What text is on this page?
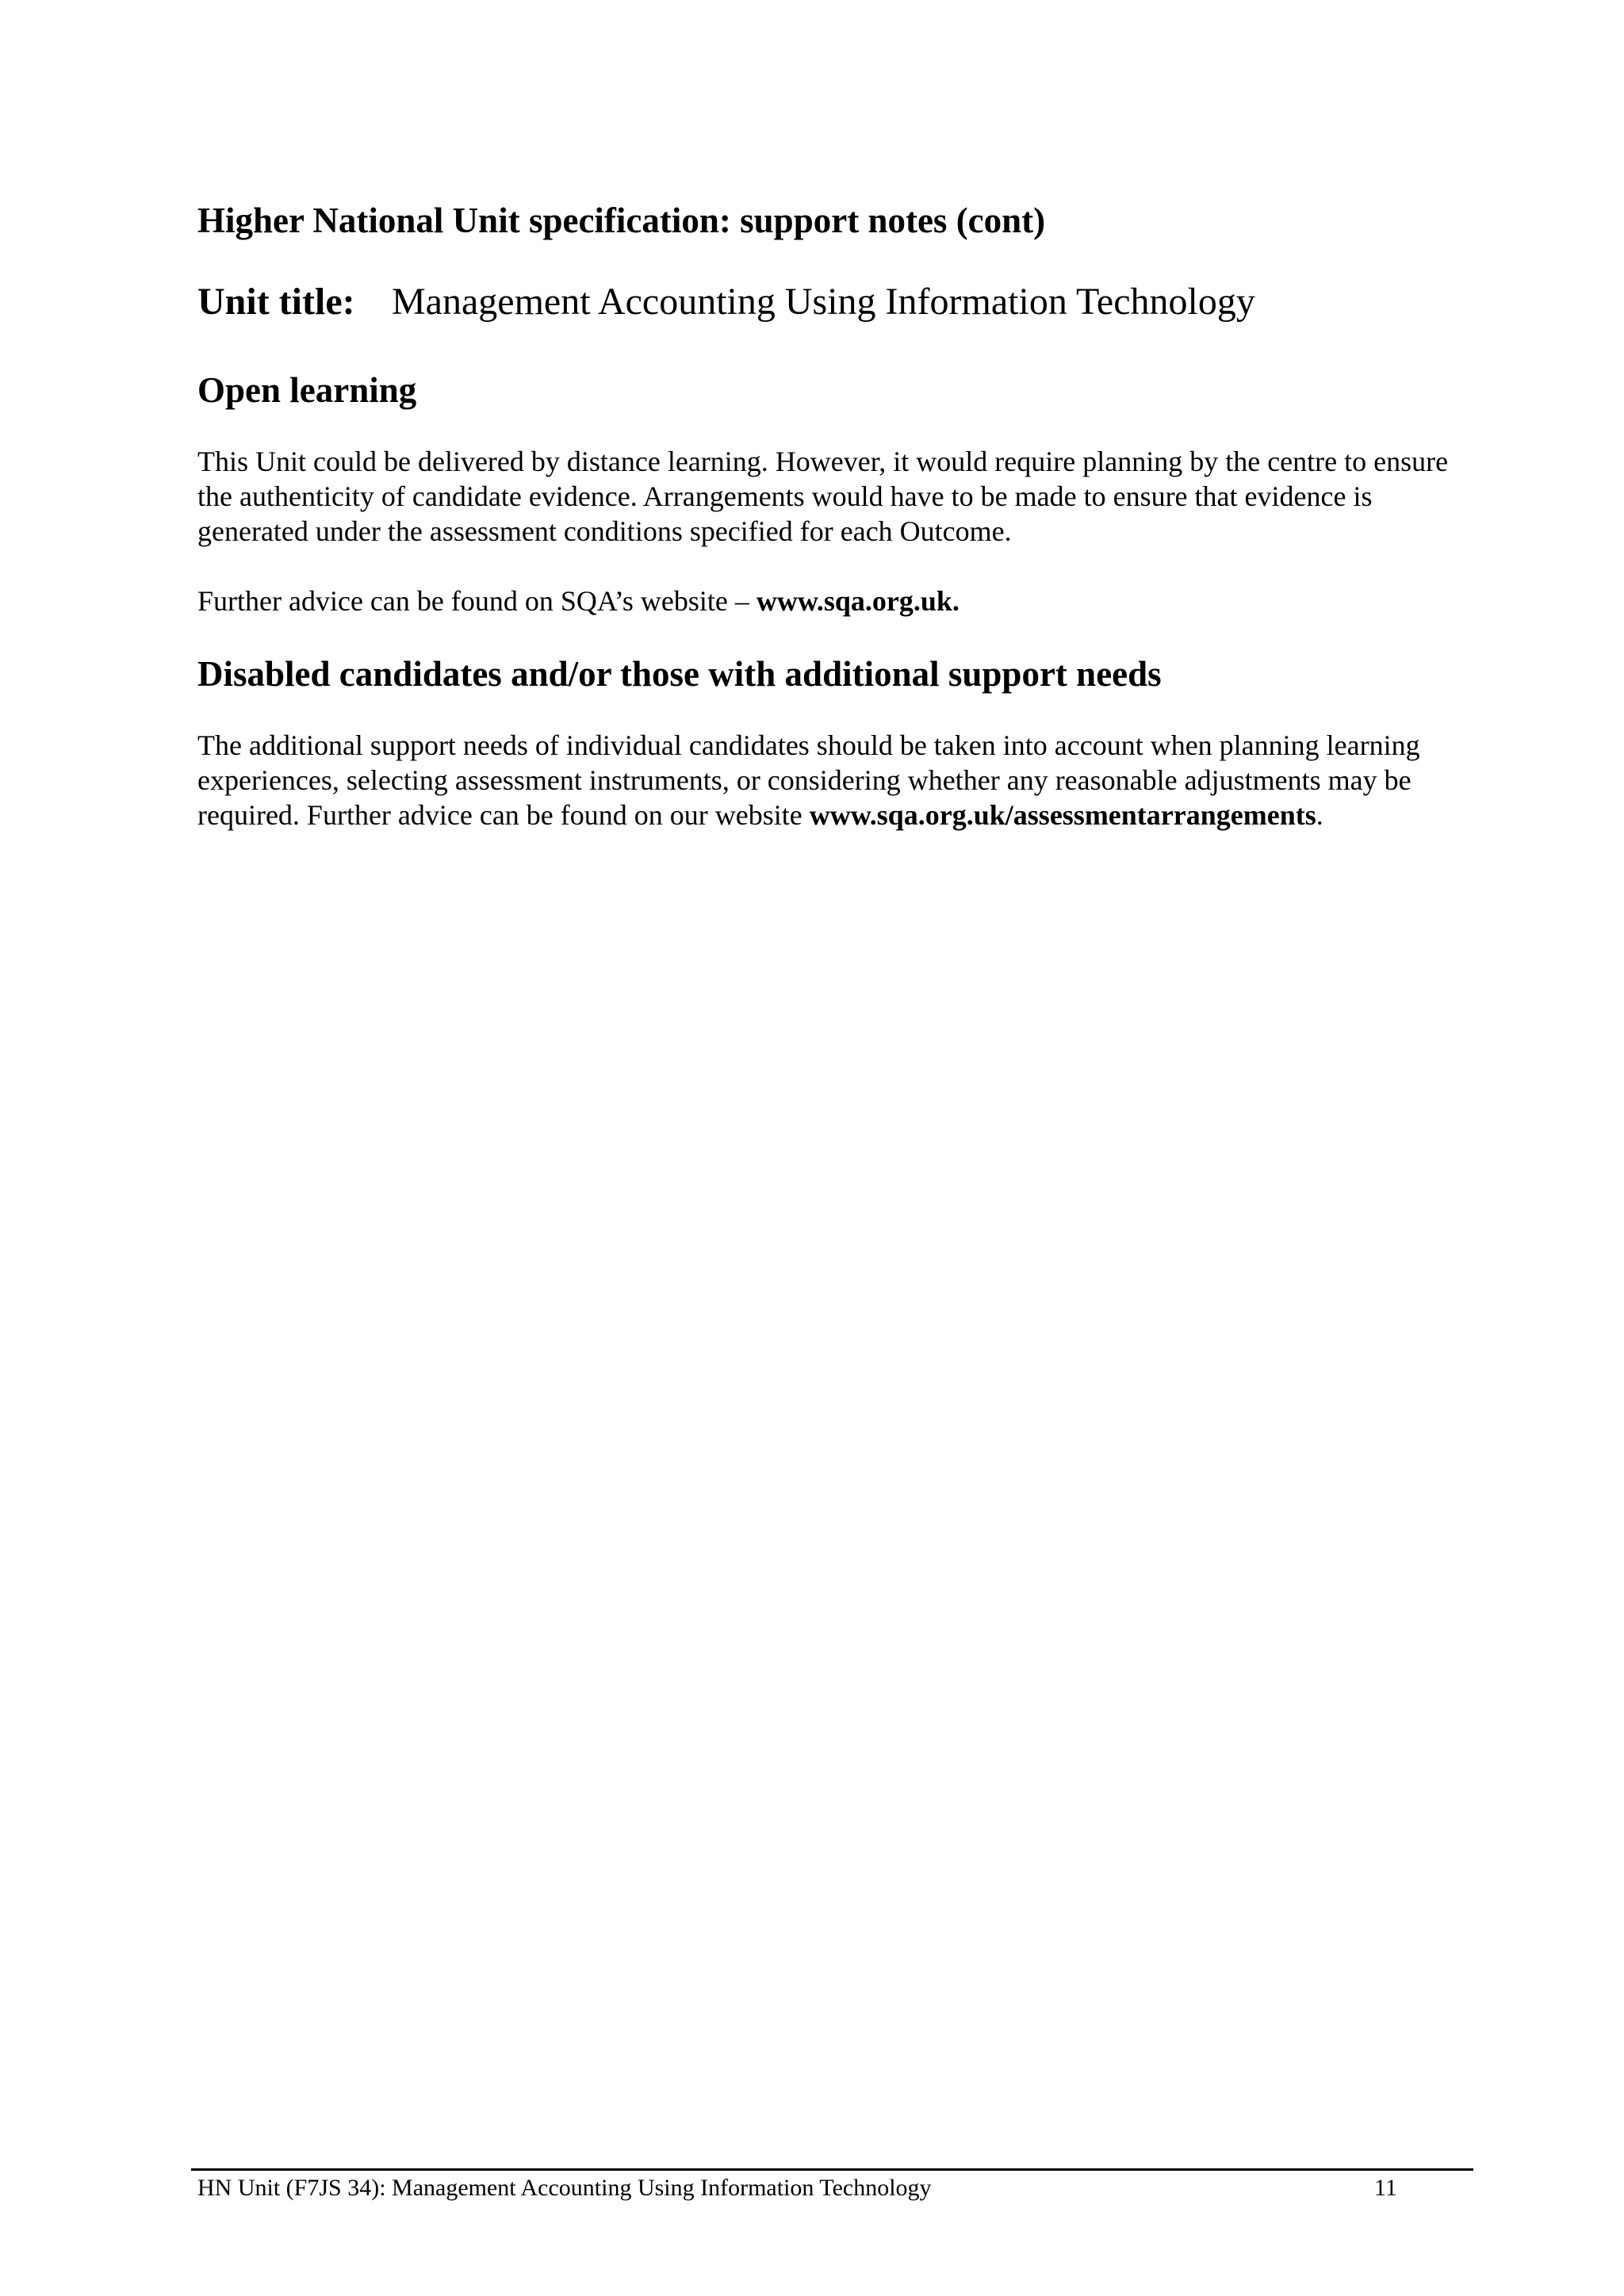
Higher National Unit specification: support notes (cont)
Unit title: Management Accounting Using Information Technology
Open learning

This Unit could be delivered by distance learning. However, it would require planning by the centre to ensure the authenticity of candidate evidence. Arrangements would have to be made to ensure that evidence is generated under the assessment conditions specified for each Outcome.

Further advice can be found on SQA’s website – www.sqa.org.uk.

Disabled candidates and/or those with additional support needs

The additional support needs of individual candidates should be taken into account when planning learning experiences, selecting assessment instruments, or considering whether any reasonable adjustments may be required. Further advice can be found on our website www.sqa.org.uk/assessmentarrangements.

HN Unit (F7JS 34): Management Accounting Using Information Technology	11
